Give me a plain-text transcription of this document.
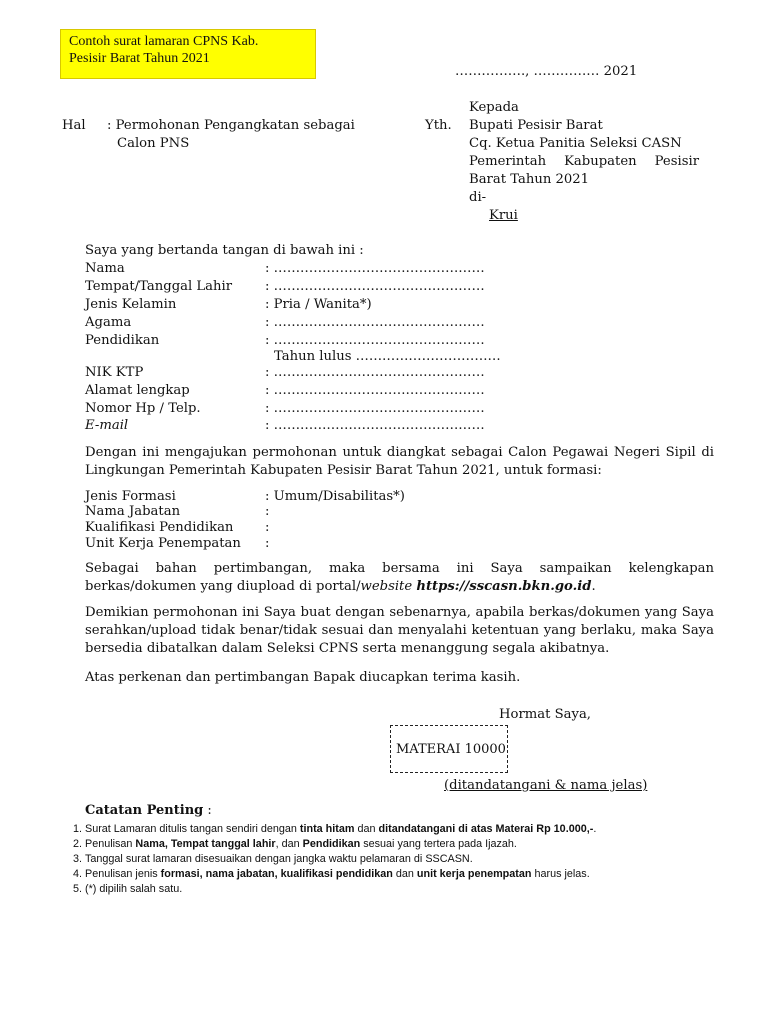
Contoh surat lamaran CPNS Kab.
Pesisir Barat Tahun 2021
……………., …………… 2021
Hal : Permohonan Pengangkatan sebagai
Calon PNS
Kepada
Yth. Bupati Pesisir Barat
Cq. Ketua Panitia Seleksi CASN
Pemerintah Kabupaten Pesisir
Barat Tahun 2021
di-
Krui
Saya yang bertanda tangan di bawah ini :
Nama	: …………………………………………
Tempat/Tanggal Lahir : …………………………………………
Jenis Kelamin	: Pria / Wanita*)
Agama	: …………………………………………
Pendidikan	: …………………………………………
Tahun lulus ……………………………
NIK KTP	: …………………………………………
Alamat lengkap	: …………………………………………
Nomor Hp / Telp.	: …………………………………………
E-mail	: …………………………………………
Dengan ini mengajukan permohonan untuk diangkat sebagai Calon Pegawai Negeri Sipil di Lingkungan Pemerintah Kabupaten Pesisir Barat Tahun 2021, untuk formasi:
Jenis Formasi	: Umum/Disabilitas*)
Nama Jabatan	:
Kualifikasi Pendidikan :
Unit Kerja Penempatan :
Sebagai bahan pertimbangan, maka bersama ini Saya sampaikan kelengkapan berkas/dokumen yang diupload di portal/website https://sscasn.bkn.go.id.
Demikian permohonan ini Saya buat dengan sebenarnya, apabila berkas/dokumen yang Saya serahkan/upload tidak benar/tidak sesuai dan menyalahi ketentuan yang berlaku, maka Saya bersedia dibatalkan dalam Seleksi CPNS serta menanggung segala akibatnya.
Atas perkenan dan pertimbangan Bapak diucapkan terima kasih.
Hormat Saya,
MATERAI 10000
(ditandatangani & nama jelas)
Catatan Penting :
1. Surat Lamaran ditulis tangan sendiri dengan tinta hitam dan ditandatangani di atas Materai Rp 10.000,-.
2. Penulisan Nama, Tempat tanggal lahir, dan Pendidikan sesuai yang tertera pada Ijazah.
3. Tanggal surat lamaran disesuaikan dengan jangka waktu pelamaran di SSCASN.
4. Penulisan jenis formasi, nama jabatan, kualifikasi pendidikan dan unit kerja penempatan harus jelas.
5. (*) dipilih salah satu.
